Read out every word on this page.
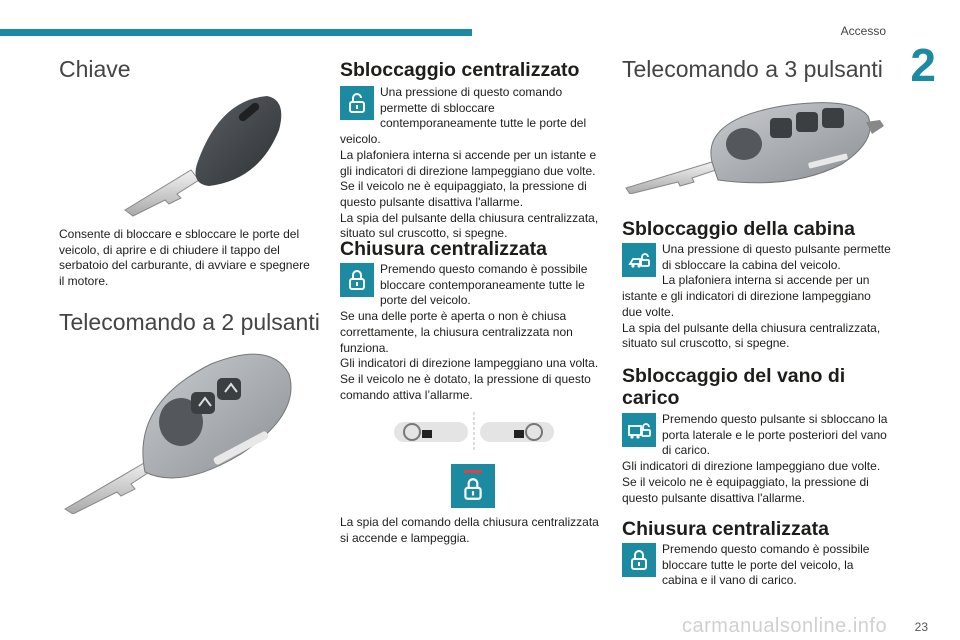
Accesso
2
Chiave

Consente di bloccare e sbloccare le porte del veicolo, di aprire e di chiudere il tappo del serbatoio del carburante, di avviare e spegnere il motore.

Telecomando a 2 pulsanti
Sbloccaggio centralizzato
Una pressione di questo comando permette di sbloccare contemporaneamente tutte le porte del veicolo.
La plafoniera interna si accende per un istante e gli indicatori di direzione lampeggiano due volte.
Se il veicolo ne è equipaggiato, la pressione di questo pulsante disattiva l'allarme.
La spia del pulsante della chiusura centralizzata, situato sul cruscotto, si spegne.
Chiusura centralizzata
Premendo questo comando è possibile bloccare contemporaneamente tutte le porte del veicolo.
Se una delle porte è aperta o non è chiusa correttamente, la chiusura centralizzata non funziona.
Gli indicatori di direzione lampeggiano una volta.
Se il veicolo ne è dotato, la pressione di questo comando attiva l’allarme.

La spia del comando della chiusura centralizzata si accende e lampeggia.

Telecomando a 3 pulsanti
Sbloccaggio della cabina
Una pressione di questo pulsante permette di sbloccare la cabina del veicolo.
La plafoniera interna si accende per un istante e gli indicatori di direzione lampeggiano due volte.
La spia del pulsante della chiusura centralizzata, situato sul cruscotto, si spegne.
Sbloccaggio del vano di carico
Premendo questo pulsante si sbloccano la porta laterale e le porte posteriori del vano di carico.
Gli indicatori di direzione lampeggiano due volte.
Se il veicolo ne è equipaggiato, la pressione di questo pulsante disattiva l'allarme.
Chiusura centralizzata
Premendo questo comando è possibile bloccare tutte le porte del veicolo, la cabina e il vano di carico.
carmanualsonline.info 23
